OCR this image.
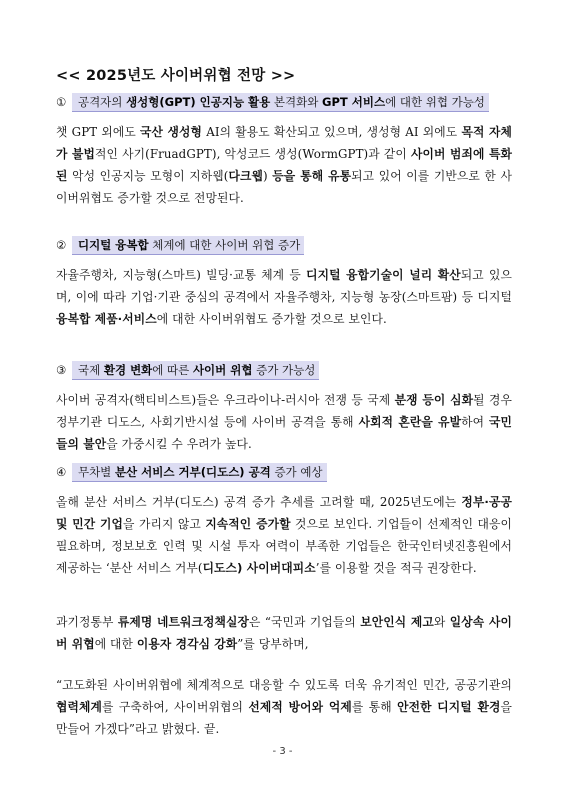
<< 2025년도 사이버위협 전망 >>
① 공격자의 생성형(GPT) 인공지능 활용 본격화와 GPT 서비스에 대한 위협 가능성
챗 GPT 외에도 국산 생성형 AI의 활용도 확산되고 있으며, 생성형 AI 외에도 목적 자체가 불법적인 사기(FruadGPT), 악성코드 생성(WormGPT)과 같이 사이버 범죄에 특화된 악성 인공지능 모형이 지하웹(다크웹) 등을 통해 유통되고 있어 이를 기반으로 한 사이버위협도 증가할 것으로 전망된다.
② 디지털 융복합 체계에 대한 사이버 위협 증가
자율주행차, 지능형(스마트) 빌딩·교통 체계 등 디지털 융합기술이 널리 확산되고 있으며, 이에 따라 기업·기관 중심의 공격에서 자율주행차, 지능형 농장(스마트팜) 등 디지털 융복합 제품·서비스에 대한 사이버위협도 증가할 것으로 보인다.
③ 국제 환경 변화에 따른 사이버 위협 증가 가능성
사이버 공격자(핵티비스트)들은 우크라이나-러시아 전쟁 등 국제 분쟁 등이 심화될 경우 정부기관 디도스, 사회기반시설 등에 사이버 공격을 통해 사회적 혼란을 유발하여 국민들의 불안을 가중시킬 수 우려가 높다.
④ 무차별 분산 서비스 거부(디도스) 공격 증가 예상
올해 분산 서비스 거부(디도스) 공격 증가 추세를 고려할 때, 2025년도에는 정부·공공 및 민간 기업을 가리지 않고 지속적인 증가할 것으로 보인다. 기업들이 선제적인 대응이 필요하며, 정보보호 인력 및 시설 투자 여력이 부족한 기업들은 한국인터넷진흥원에서 제공하는 ‘분산 서비스 거부(디도스) 사이버대피소’를 이용할 것을 적극 권장한다.
과기정통부 류제명 네트워크정책실장은 “국민과 기업들의 보안인식 제고와 일상속 사이버 위협에 대한 이용자 경각심 강화”를 당부하며,
“고도화된 사이버위협에 체계적으로 대응할 수 있도록 더욱 유기적인 민간, 공공기관의 협력체계를 구축하여, 사이버위협의 선제적 방어와 억제를 통해 안전한 디지털 환경을 만들어 가겠다”라고 밝혔다. 끝.
- 3 -
